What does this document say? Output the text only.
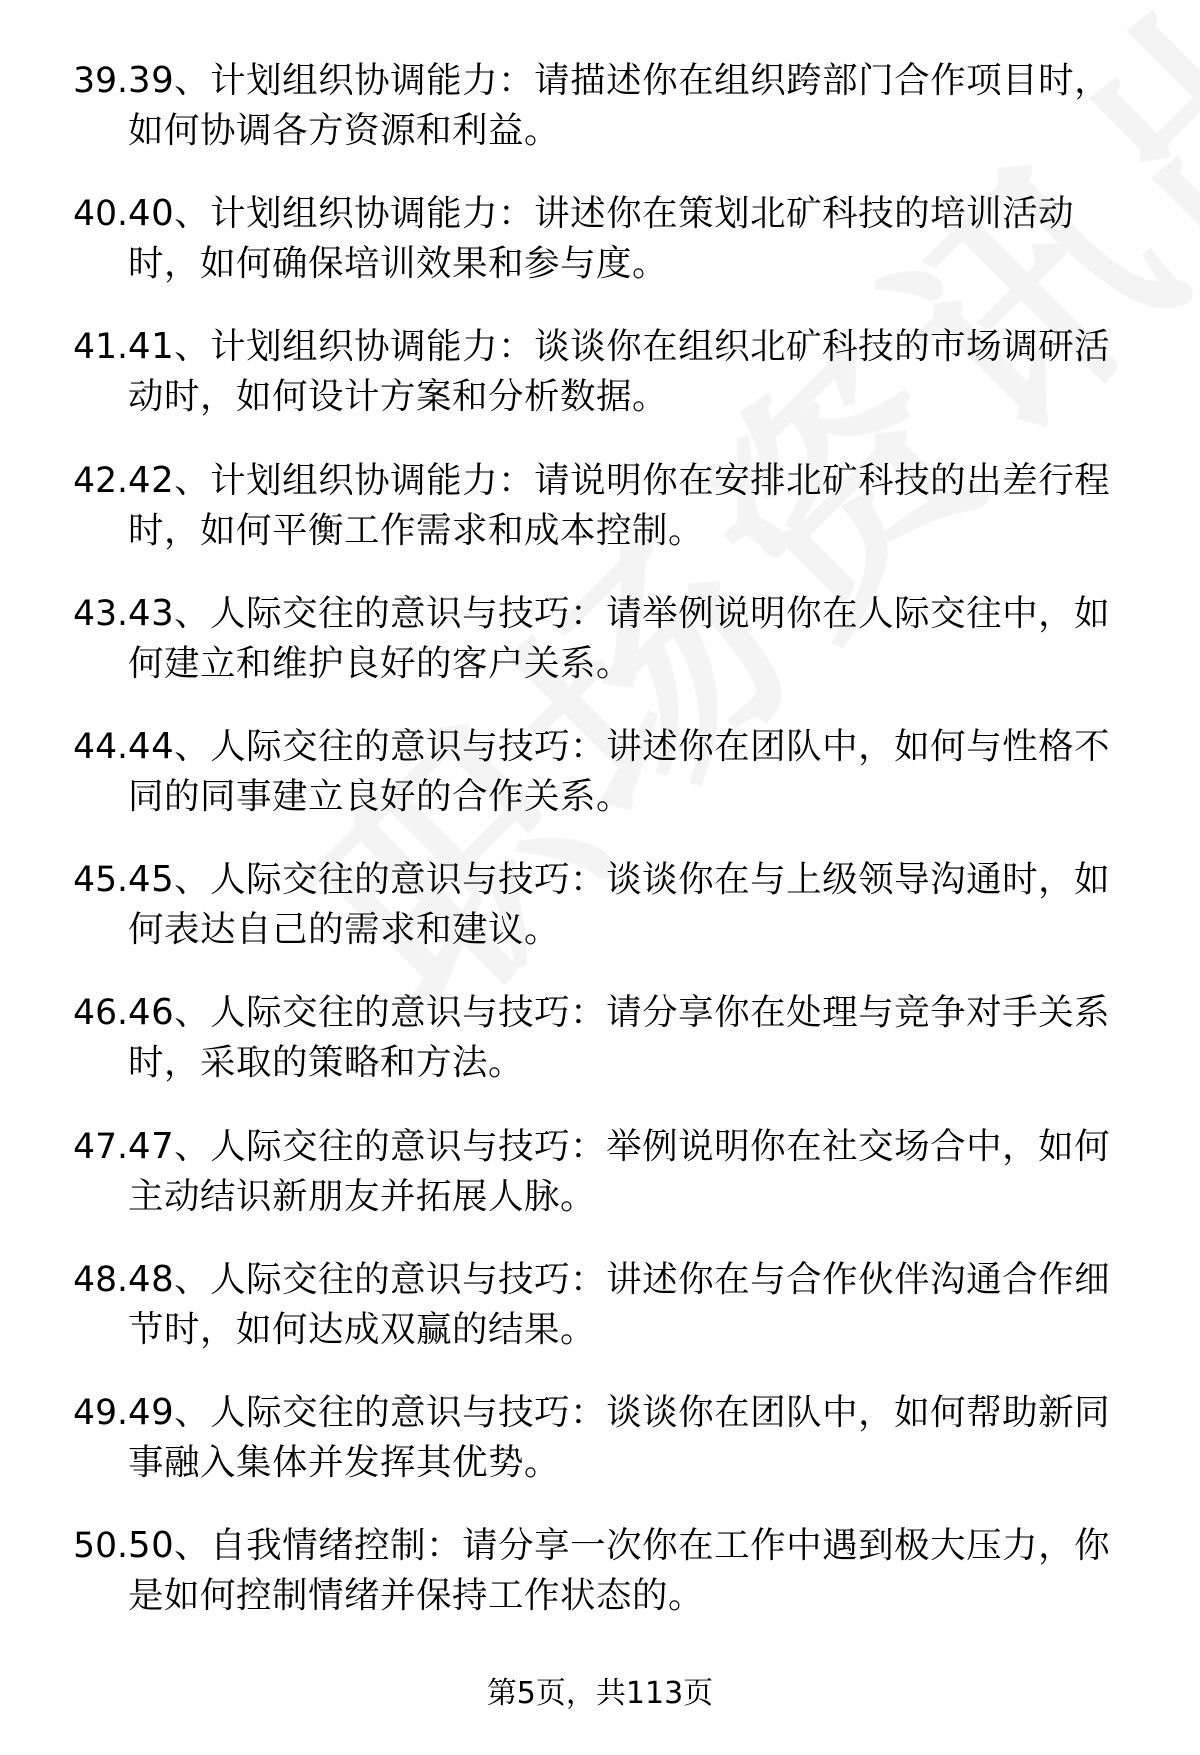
39. 39、计划组织协调能力：请描述你在组织跨部门合作项目时，如何协调各方资源和利益。
40. 40、计划组织协调能力：讲述你在策划北矿科技的培训活动时，如何确保培训效果和参与度。
41. 41、计划组织协调能力：谈谈你在组织北矿科技的市场调研活动时，如何设计方案和分析数据。
42. 42、计划组织协调能力：请说明你在安排北矿科技的出差行程时，如何平衡工作需求和成本控制。
43. 43、人际交往的意识与技巧：请举例说明你在人际交往中，如何建立和维护良好的客户关系。
44. 44、人际交往的意识与技巧：讲述你在团队中，如何与性格不同的同事建立良好的合作关系。
45. 45、人际交往的意识与技巧：谈谈你在与上级领导沟通时，如何表达自己的需求和建议。
46. 46、人际交往的意识与技巧：请分享你在处理与竞争对手关系时，采取的策略和方法。
47. 47、人际交往的意识与技巧：举例说明你在社交场合中，如何主动结识新朋友并拓展人脉。
48. 48、人际交往的意识与技巧：讲述你在与合作伙伴沟通合作细节时，如何达成双赢的结果。
49. 49、人际交往的意识与技巧：谈谈你在团队中，如何帮助新同事融入集体并发挥其优势。
50. 50、自我情绪控制：请分享一次你在工作中遇到极大压力，你是如何控制情绪并保持工作状态的。
第5页，共113页
